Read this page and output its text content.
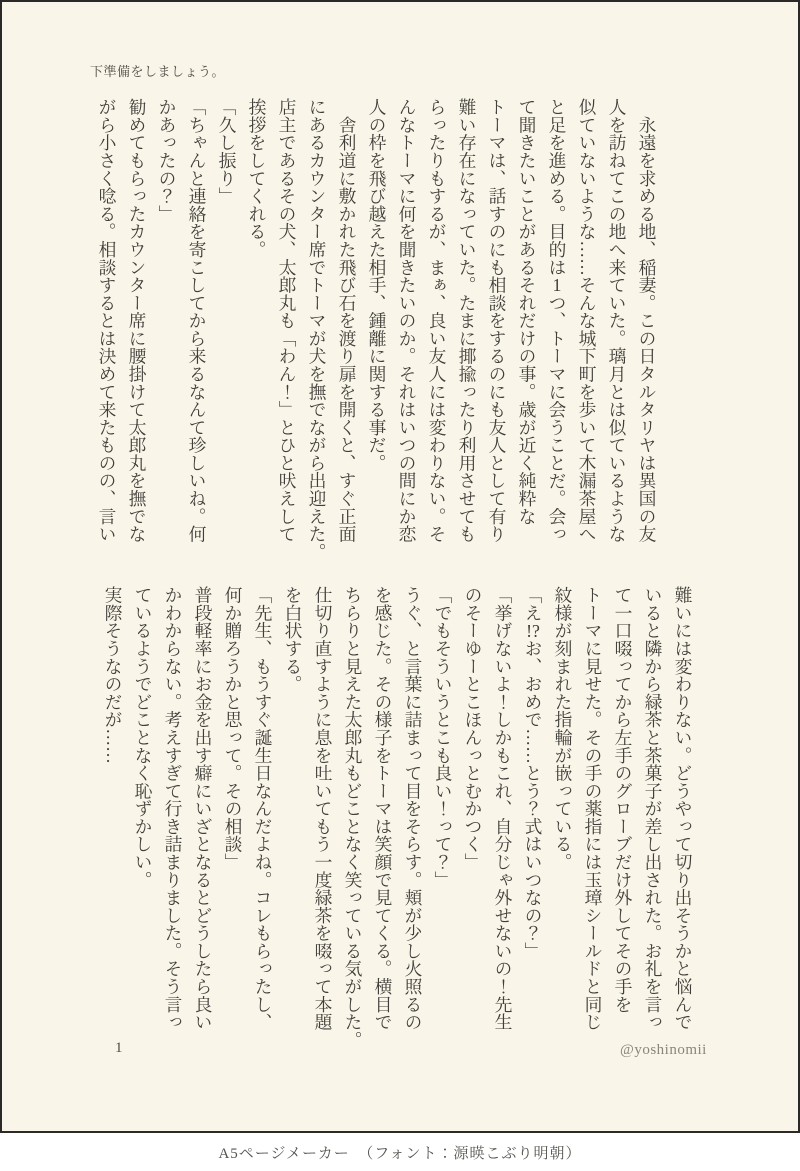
下準備をしましょう。
　永遠を求める地、稲妻。この日タルタリヤは異国の友
人を訪ねてこの地へ来ていた。璃月とは似ているような
似ていないような……そんな城下町を歩いて木漏茶屋へ
と足を進める。目的は1つ、トーマに会うことだ。会っ
て聞きたいことがあるそれだけの事。歳が近く純粋な
トーマは、話すのにも相談をするのにも友人として有り
難い存在になっていた。たまに揶揄ったり利用させても
らったりもするが、まぁ、良い友人には変わりない。そ
んなトーマに何を聞きたいのか。それはいつの間にか恋
人の枠を飛び越えた相手、鍾離に関する事だ。
　舎利道に敷かれた飛び石を渡り扉を開くと、すぐ正面
にあるカウンター席でトーマが犬を撫でながら出迎えた。
店主であるその犬、太郎丸も「わん！」とひと吠えして
挨拶をしてくれる。
「久し振り」
「ちゃんと連絡を寄こしてから来るなんて珍しいね。何
かあったの？」
勧めてもらったカウンター席に腰掛けて太郎丸を撫でな
がら小さく唸る。相談するとは決めて来たものの、言い
難いには変わりない。どうやって切り出そうかと悩んで
いると隣から緑茶と茶菓子が差し出された。お礼を言っ
て一口啜ってから左手のグローブだけ外してその手を
トーマに見せた。その手の薬指には玉璋シールドと同じ
紋様が刻まれた指輪が嵌っている。
「え!?お、おめで……とう？式はいつなの？」
「挙げないよ！しかもこれ、自分じゃ外せないの！先生
のそーゆーとこほんっとむかつく」
「でもそういうとこも良い！って？」
うぐ、と言葉に詰まって目をそらす。頬が少し火照るの
を感じた。その様子をトーマは笑顔で見てくる。横目で
ちらりと見えた太郎丸もどことなく笑っている気がした。
仕切り直すように息を吐いてもう一度緑茶を啜って本題
を白状する。
「先生、もうすぐ誕生日なんだよね。コレもらったし、
何か贈ろうかと思って。その相談」
普段軽率にお金を出す癖にいざとなるとどうしたら良い
かわからない。考えすぎて行き詰まりました。そう言っ
ているようでどことなく恥ずかしい。
実際そうなのだが……
1	@yoshinomii
A5ページメーカー　（フォント：源暎こぶり明朝）
